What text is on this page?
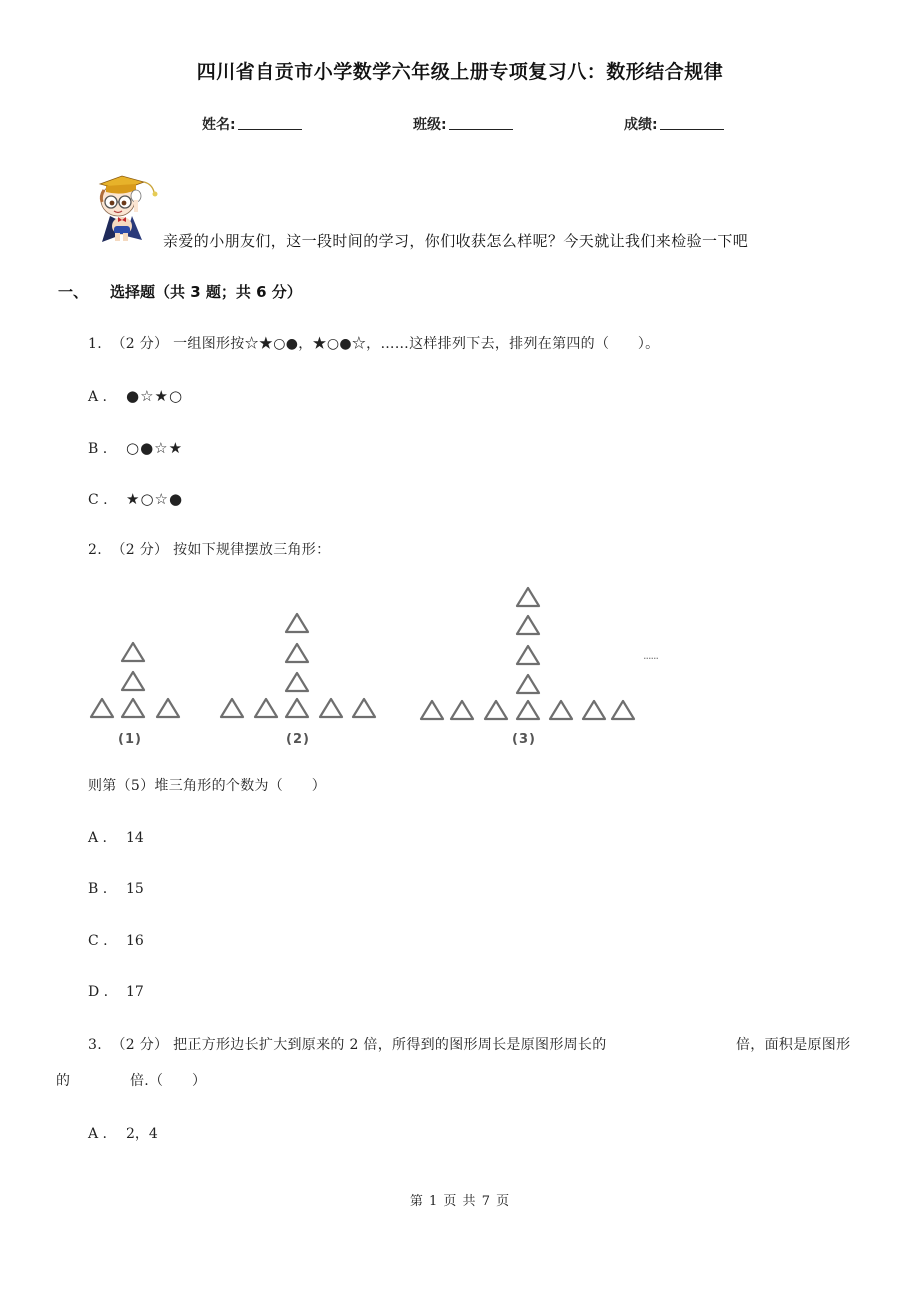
四川省自贡市小学数学六年级上册专项复习八：数形结合规律
姓名:	班级:	成绩:
亲爱的小朋友们，这一段时间的学习，你们收获怎么样呢？今天就让我们来检验一下吧
一、 选择题（共 3 题；共 6 分）
1. （2 分） 一组图形按☆★○●，★○●☆，……这样排列下去，排列在第四的（　　）。
A . ●☆★○
B . ○●☆★
C . ★○☆●
2. （2 分） 按如下规律摆放三角形：
(1)	(2)	(3)
......
则第（5）堆三角形的个数为（　　）
A . 14
B . 15
C . 16
D . 17
3. （2 分） 把正方形边长扩大到原来的 2 倍，所得到的图形周长是原图形周长的	倍，面积是原图形
的	倍.（　　）
A . 2，4
第 1 页 共 7 页
